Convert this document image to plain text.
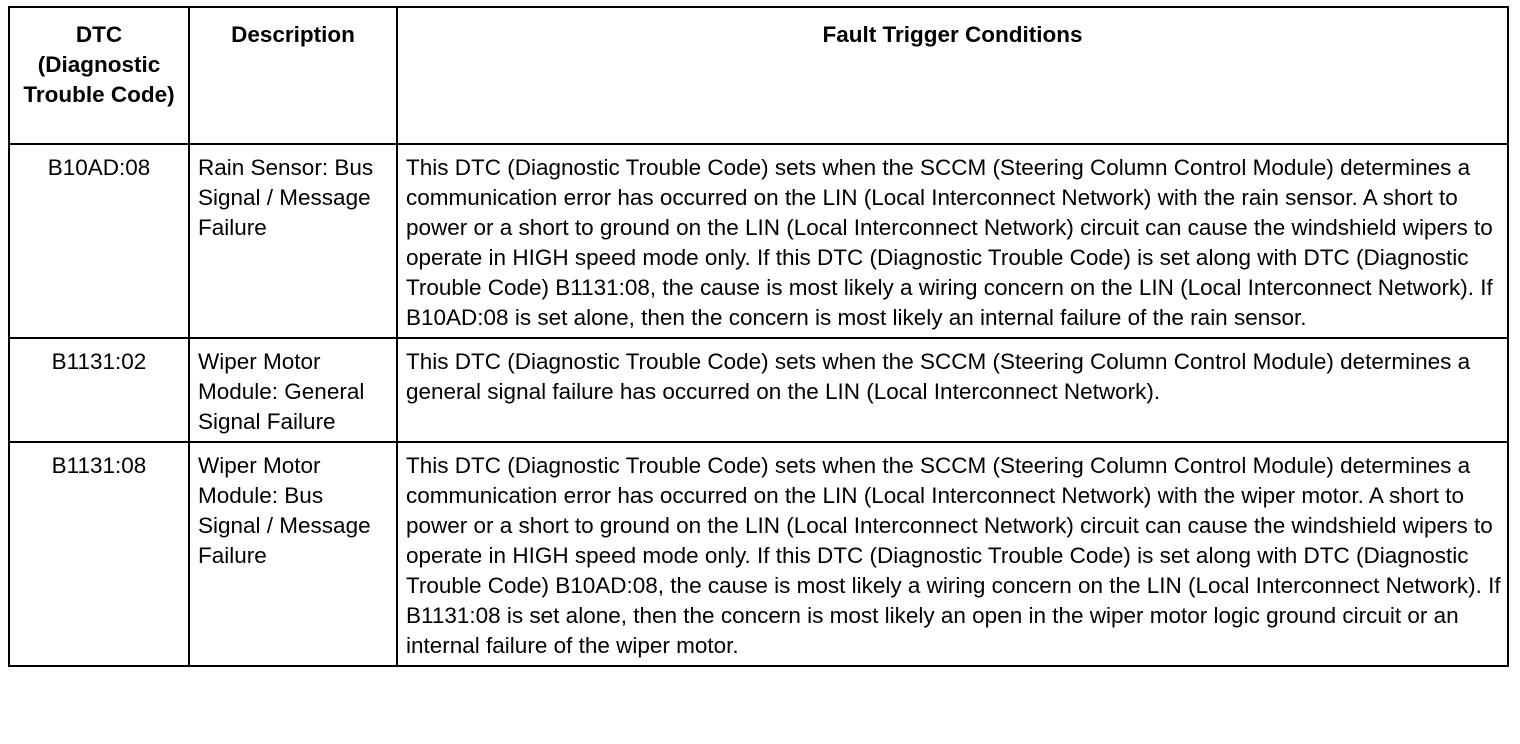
DTC (Diagnostic Trouble Code)	Description	Fault Trigger Conditions
B10AD:08	Rain Sensor: Bus Signal / Message Failure	This DTC (Diagnostic Trouble Code) sets when the SCCM (Steering Column Control Module) determines a communication error has occurred on the LIN (Local Interconnect Network) with the rain sensor. A short to power or a short to ground on the LIN (Local Interconnect Network) circuit can cause the windshield wipers to operate in HIGH speed mode only. If this DTC (Diagnostic Trouble Code) is set along with DTC (Diagnostic Trouble Code) B1131:08, the cause is most likely a wiring concern on the LIN (Local Interconnect Network). If B10AD:08 is set alone, then the concern is most likely an internal failure of the rain sensor.
B1131:02	Wiper Motor Module: General Signal Failure	This DTC (Diagnostic Trouble Code) sets when the SCCM (Steering Column Control Module) determines a general signal failure has occurred on the LIN (Local Interconnect Network).
B1131:08	Wiper Motor Module: Bus Signal / Message Failure	This DTC (Diagnostic Trouble Code) sets when the SCCM (Steering Column Control Module) determines a communication error has occurred on the LIN (Local Interconnect Network) with the wiper motor. A short to power or a short to ground on the LIN (Local Interconnect Network) circuit can cause the windshield wipers to operate in HIGH speed mode only. If this DTC (Diagnostic Trouble Code) is set along with DTC (Diagnostic Trouble Code) B10AD:08, the cause is most likely a wiring concern on the LIN (Local Interconnect Network). If B1131:08 is set alone, then the concern is most likely an open in the wiper motor logic ground circuit or an internal failure of the wiper motor.
